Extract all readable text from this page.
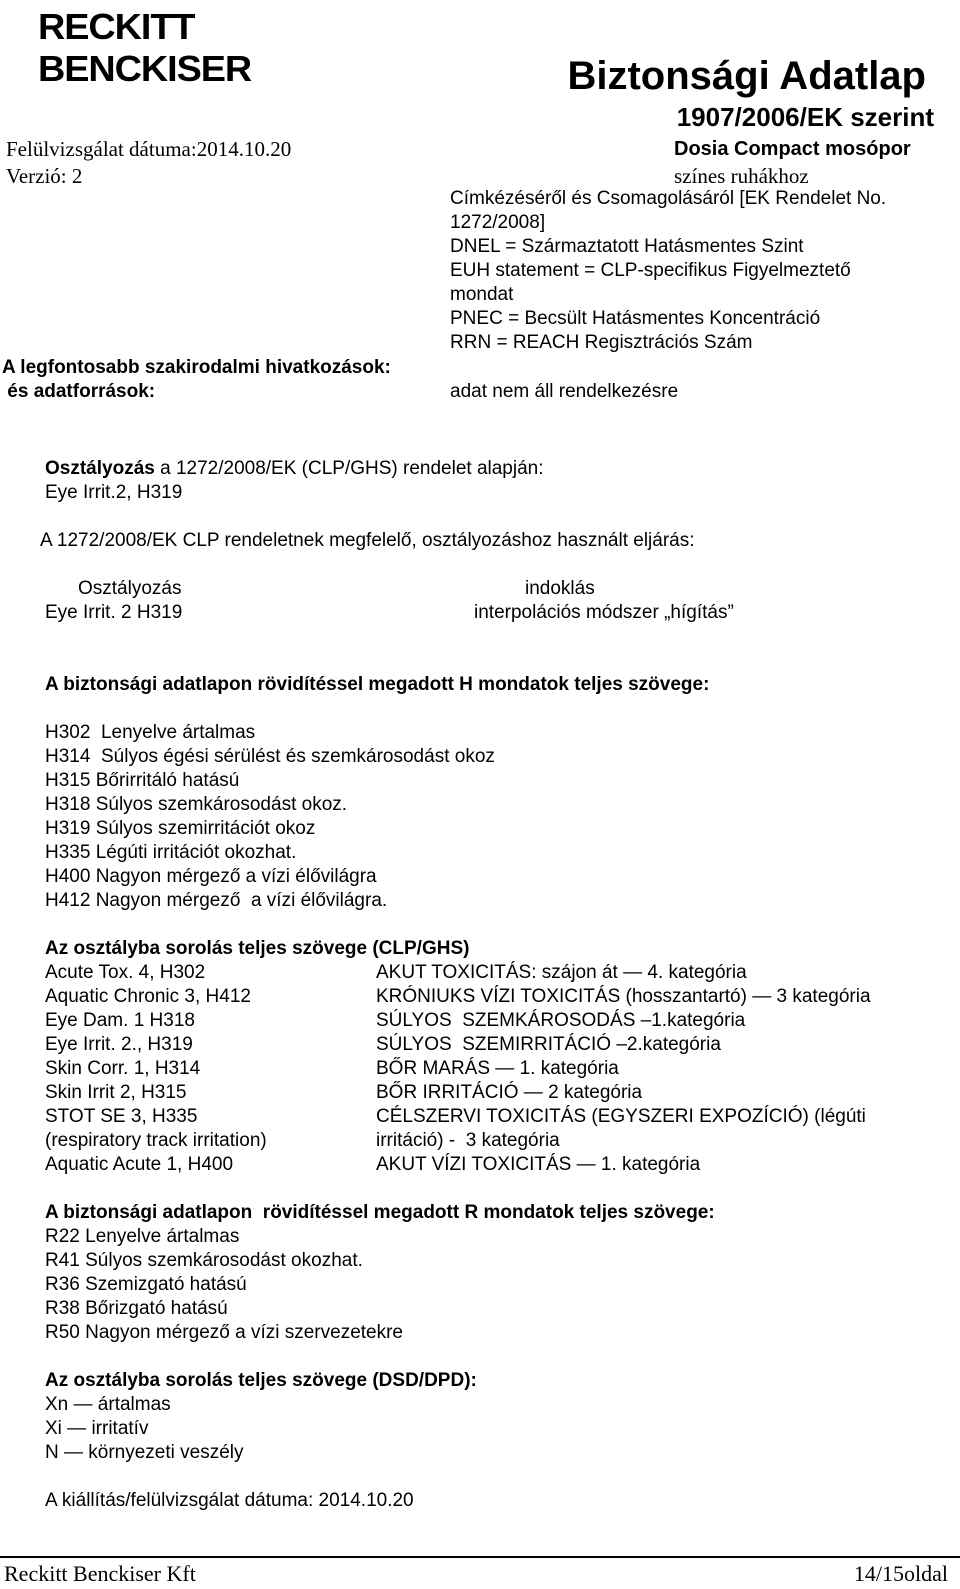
RECKITT
BENCKISER	Biztonsági Adatlap
1907/2006/EK szerint
Felülvizsgálat dátuma:2014.10.20	Dosia Compact mosópor
Verzió: 2	színes ruhákhoz
Címkézéséről és Csomagolásáról [EK Rendelet No.
1272/2008]
DNEL = Származtatott Hatásmentes Szint
EUH statement = CLP-specifikus Figyelmeztető
mondat
PNEC = Becsült Hatásmentes Koncentráció
RRN = REACH Regisztrációs Szám
A legfontosabb szakirodalmi hivatkozások:
és adatforrások:	adat nem áll rendelkezésre
Osztályozás a 1272/2008/EK (CLP/GHS) rendelet alapján:
Eye Irrit.2, H319
A 1272/2008/EK CLP rendeletnek megfelelő, osztályozáshoz használt eljárás:
Osztályozás	indoklás
Eye Irrit. 2 H319	interpolációs módszer „hígítás”
A biztonsági adatlapon rövidítéssel megadott H mondatok teljes szövege:
H302  Lenyelve ártalmas
H314  Súlyos égési sérülést és szemkárosodást okoz
H315 Bőrirritáló hatású
H318 Súlyos szemkárosodást okoz.
H319 Súlyos szemirritációt okoz
H335 Légúti irritációt okozhat.
H400 Nagyon mérgező a vízi élővilágra
H412 Nagyon mérgező  a vízi élővilágra.
Az osztályba sorolás teljes szövege (CLP/GHS)
Acute Tox. 4, H302	AKUT TOXICITÁS: szájon át — 4. kategória
Aquatic Chronic 3, H412	KRÓNIUKS VÍZI TOXICITÁS (hosszantartó) — 3 kategória
Eye Dam. 1 H318	SÚLYOS  SZEMKÁROSODÁS –1.kategória
Eye Irrit. 2., H319	SÚLYOS  SZEMIRRITÁCIÓ –2.kategória
Skin Corr. 1, H314	BŐR MARÁS — 1. kategória
Skin Irrit 2, H315	BŐR IRRITÁCIÓ — 2 kategória
STOT SE 3, H335	CÉLSZERVI TOXICITÁS (EGYSZERI EXPOZÍCIÓ) (légúti
(respiratory track irritation)	irritáció) -  3 kategória
Aquatic Acute 1, H400	AKUT VÍZI TOXICITÁS — 1. kategória
A biztonsági adatlapon  rövidítéssel megadott R mondatok teljes szövege:
R22 Lenyelve ártalmas
R41 Súlyos szemkárosodást okozhat.
R36 Szemizgató hatású
R38 Bőrizgató hatású
R50 Nagyon mérgező a vízi szervezetekre
Az osztályba sorolás teljes szövege (DSD/DPD):
Xn — ártalmas
Xi — irritatív
N — környezeti veszély
A kiállítás/felülvizsgálat dátuma: 2014.10.20
Reckitt Benckiser Kft	14/15oldal
